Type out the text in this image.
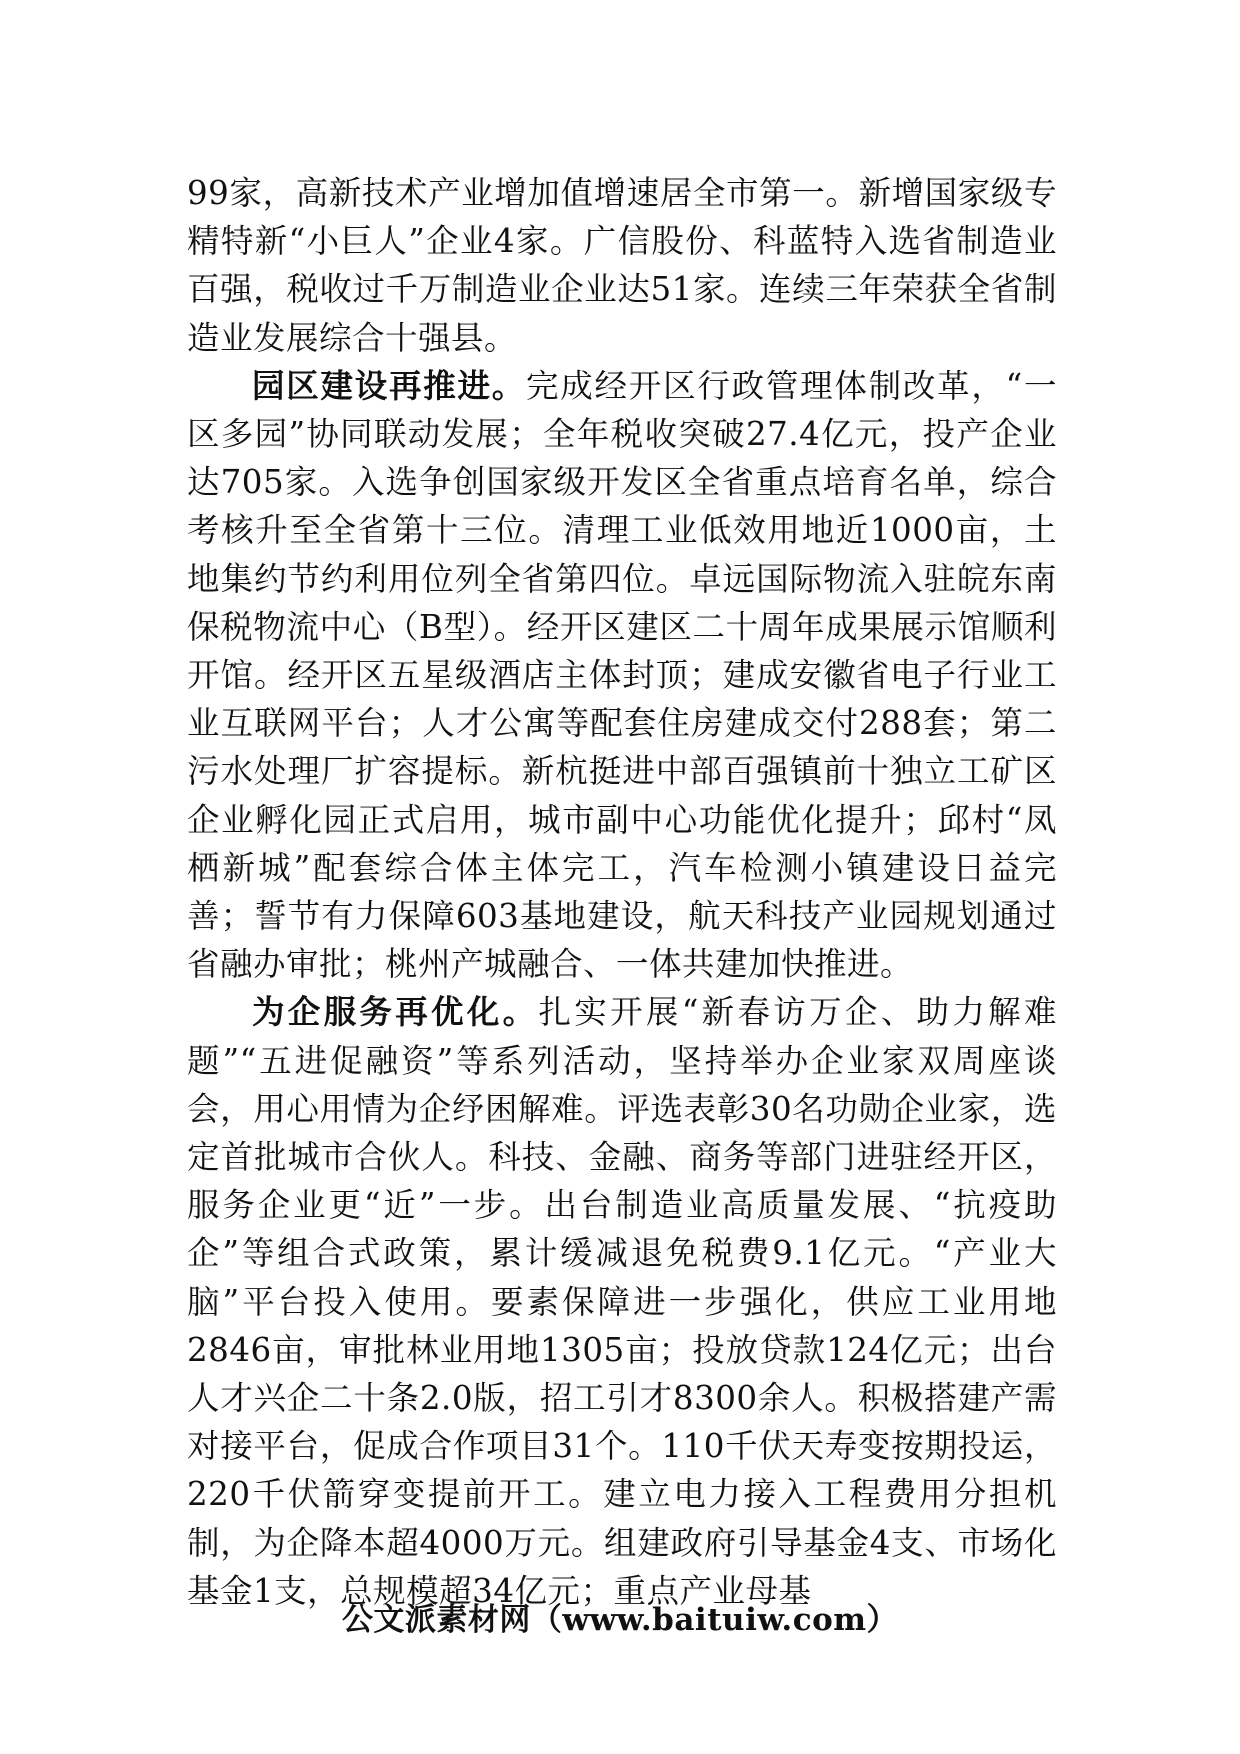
99家，高新技术产业增加值增速居全市第一。新增国家级专精特新“小巨人”企业4家。广信股份、科蓝特入选省制造业百强，税收过千万制造业企业达51家。连续三年荣获全省制造业发展综合十强县。

园区建设再推进。完成经开区行政管理体制改革，“一区多园”协同联动发展；全年税收突破27.4亿元，投产企业达705家。入选争创国家级开发区全省重点培育名单，综合考核升至全省第十三位。清理工业低效用地近1000亩，土地集约节约利用位列全省第四位。卓远国际物流入驻皖东南保税物流中心（B型）。经开区建区二十周年成果展示馆顺利开馆。经开区五星级酒店主体封顶；建成安徽省电子行业工业互联网平台；人才公寓等配套住房建成交付288套；第二污水处理厂扩容提标。新杭挺进中部百强镇前十独立工矿区企业孵化园正式启用，城市副中心功能优化提升；邱村“凤栖新城”配套综合体主体完工，汽车检测小镇建设日益完善；誓节有力保障603基地建设，航天科技产业园规划通过省融办审批；桃州产城融合、一体共建加快推进。

为企服务再优化。扎实开展“新春访万企、助力解难题”“五进促融资”等系列活动，坚持举办企业家双周座谈会，用心用情为企纾困解难。评选表彰30名功勋企业家，选定首批城市合伙人。科技、金融、商务等部门进驻经开区，服务企业更“近”一步。出台制造业高质量发展、“抗疫助企”等组合式政策，累计缓减退免税费9.1亿元。“产业大脑”平台投入使用。要素保障进一步强化，供应工业用地2846亩，审批林业用地1305亩；投放贷款124亿元；出台人才兴企二十条2.0版，招工引才8300余人。积极搭建产需对接平台，促成合作项目31个。110千伏天寿变按期投运，220千伏箭穿变提前开工。建立电力接入工程费用分担机制，为企降本超4000万元。组建政府引导基金4支、市场化基金1支，总规模超34亿元；重点产业母基

公文派素材网（www.baituiw.com）
